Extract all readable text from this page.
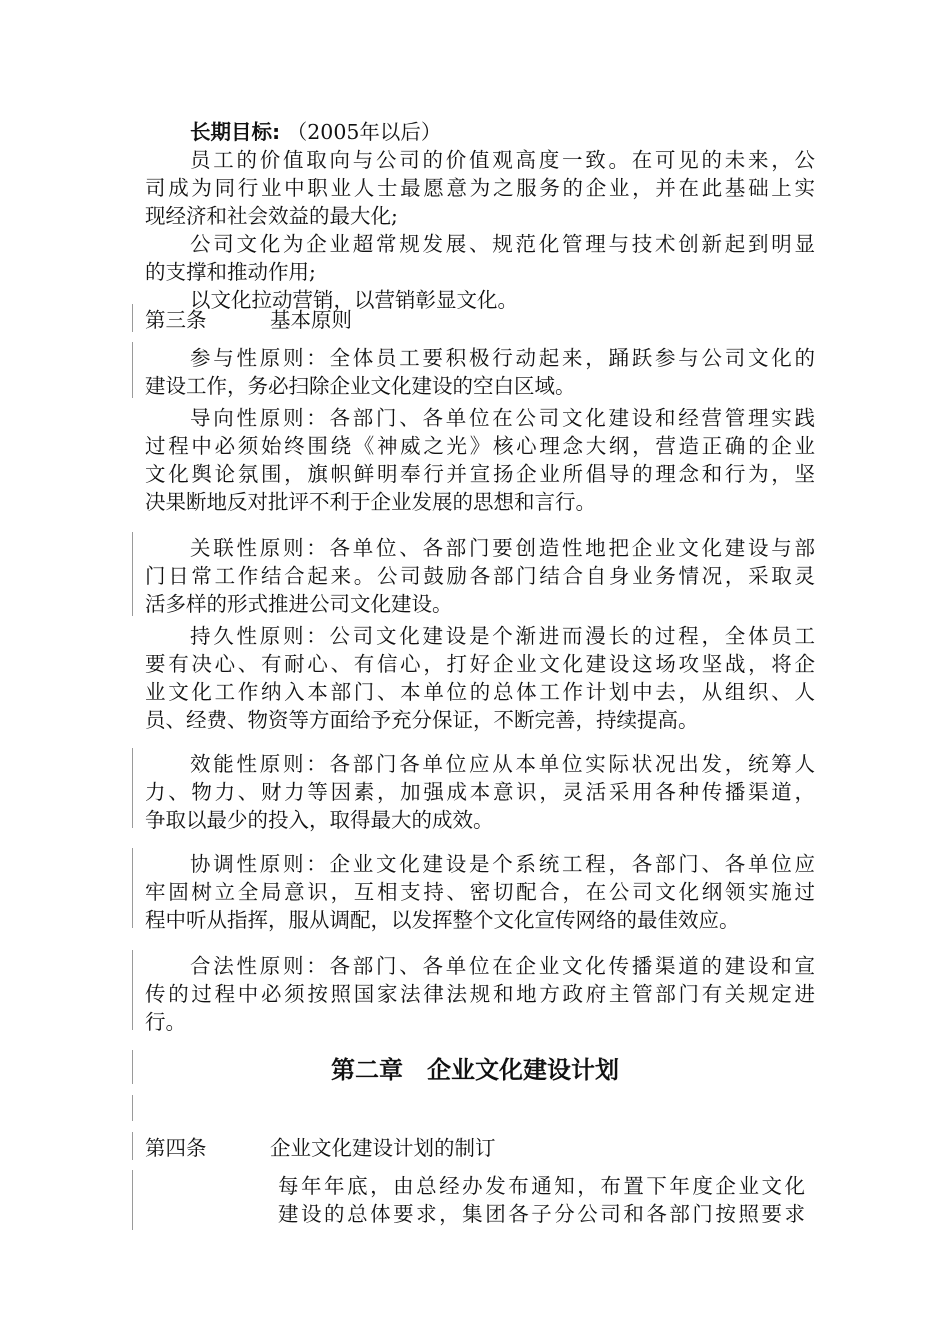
长期目标: （2005年以后）
员工的价值取向与公司的价值观高度一致。在可见的未来，公
司成为同行业中职业人士最愿意为之服务的企业，并在此基础上实
现经济和社会效益的最大化;
公司文化为企业超常规发展、规范化管理与技术创新起到明显
的支撑和推动作用;
以文化拉动营销，以营销彰显文化。
第三条	基本原则
参与性原则：全体员工要积极行动起来，踊跃参与公司文化的
建设工作，务必扫除企业文化建设的空白区域。
导向性原则：各部门、各单位在公司文化建设和经营管理实践
过程中必须始终围绕《神威之光》核心理念大纲，营造正确的企业
文化舆论氛围，旗帜鲜明奉行并宣扬企业所倡导的理念和行为，坚
决果断地反对批评不利于企业发展的思想和言行。
关联性原则：各单位、各部门要创造性地把企业文化建设与部
门日常工作结合起来。公司鼓励各部门结合自身业务情况，采取灵
活多样的形式推进公司文化建设。
持久性原则：公司文化建设是个渐进而漫长的过程，全体员工
要有决心、有耐心、有信心，打好企业文化建设这场攻坚战，将企
业文化工作纳入本部门、本单位的总体工作计划中去，从组织、人
员、经费、物资等方面给予充分保证，不断完善，持续提高。
效能性原则：各部门各单位应从本单位实际状况出发，统筹人
力、物力、财力等因素，加强成本意识，灵活采用各种传播渠道，
争取以最少的投入，取得最大的成效。
协调性原则：企业文化建设是个系统工程，各部门、各单位应
牢固树立全局意识，互相支持、密切配合，在公司文化纲领实施过
程中听从指挥，服从调配，以发挥整个文化宣传网络的最佳效应。
合法性原则：各部门、各单位在企业文化传播渠道的建设和宣
传的过程中必须按照国家法律法规和地方政府主管部门有关规定进
行。
第二章　企业文化建设计划
第四条	企业文化建设计划的制订
每年年底，由总经办发布通知，布置下年度企业文化
建设的总体要求，集团各子分公司和各部门按照要求
